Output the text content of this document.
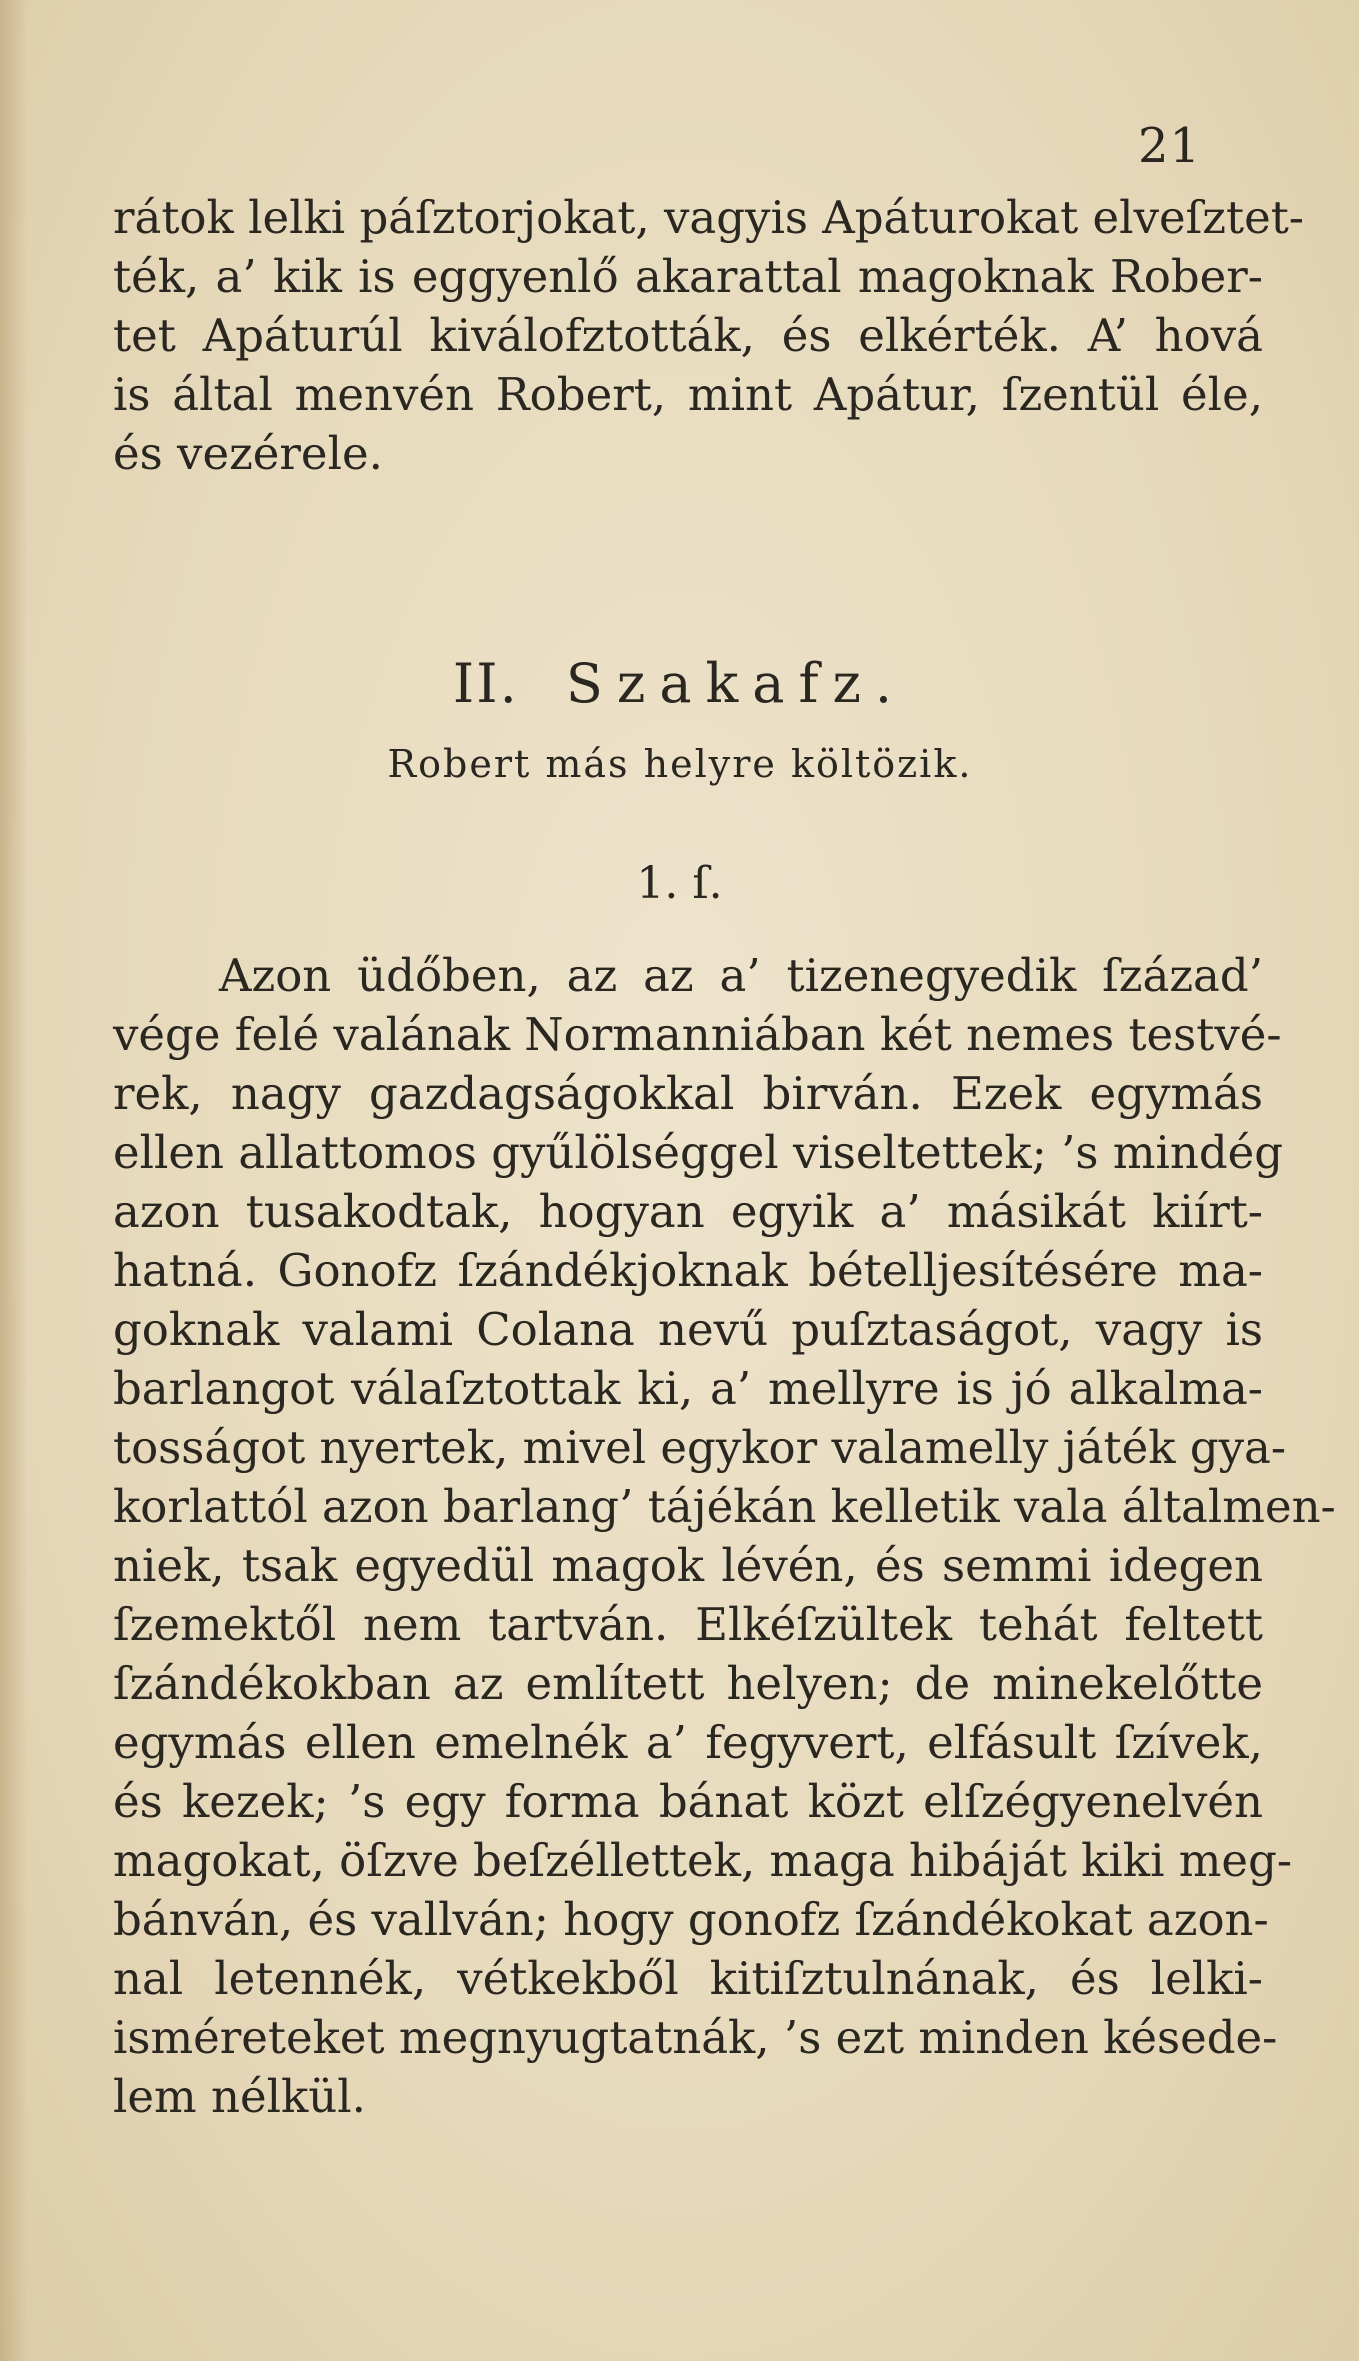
21
rátok lelki páſztorjokat, vagyis Apáturokat elveſztet-
ték, a’ kik is eggyenlő akarattal magoknak Rober-
tet Apáturúl kiválofztották, és elkérték. A’ hová
is által menvén Robert, mint Apátur, ſzentül éle,
és vezérele.
II. Szakafz.
Robert más helyre költözik.
1. ſ.
Azon üdőben, az az a’ tizenegyedik ſzázad’
vége felé valának Normanniában két nemes testvé-
rek, nagy gazdagságokkal birván. Ezek egymás
ellen allattomos gyűlölséggel viseltettek; ’s mindég
azon tusakodtak, hogyan egyik a’ másikát kiírt-
hatná. Gonofz ſzándékjoknak bételljesítésére ma-
goknak valami Colana nevű puſztaságot, vagy is
barlangot válaſztottak ki, a’ mellyre is jó alkalma-
tosságot nyertek, mivel egykor valamelly játék gya-
korlattól azon barlang’ tájékán kelletik vala általmen-
niek, tsak egyedül magok lévén, és semmi idegen
ſzemektől nem tartván. Elkéſzültek tehát feltett
ſzándékokban az említett helyen; de minekelőtte
egymás ellen emelnék a’ fegyvert, elfásult ſzívek,
és kezek; ’s egy forma bánat közt elſzégyenelvén
magokat, öſzve beſzéllettek, maga hibáját kiki meg-
bánván, és vallván; hogy gonofz ſzándékokat azon-
nal letennék, vétkekből kitiſztulnának, és lelki-
isméreteket megnyugtatnák, ’s ezt minden késede-
lem nélkül.
